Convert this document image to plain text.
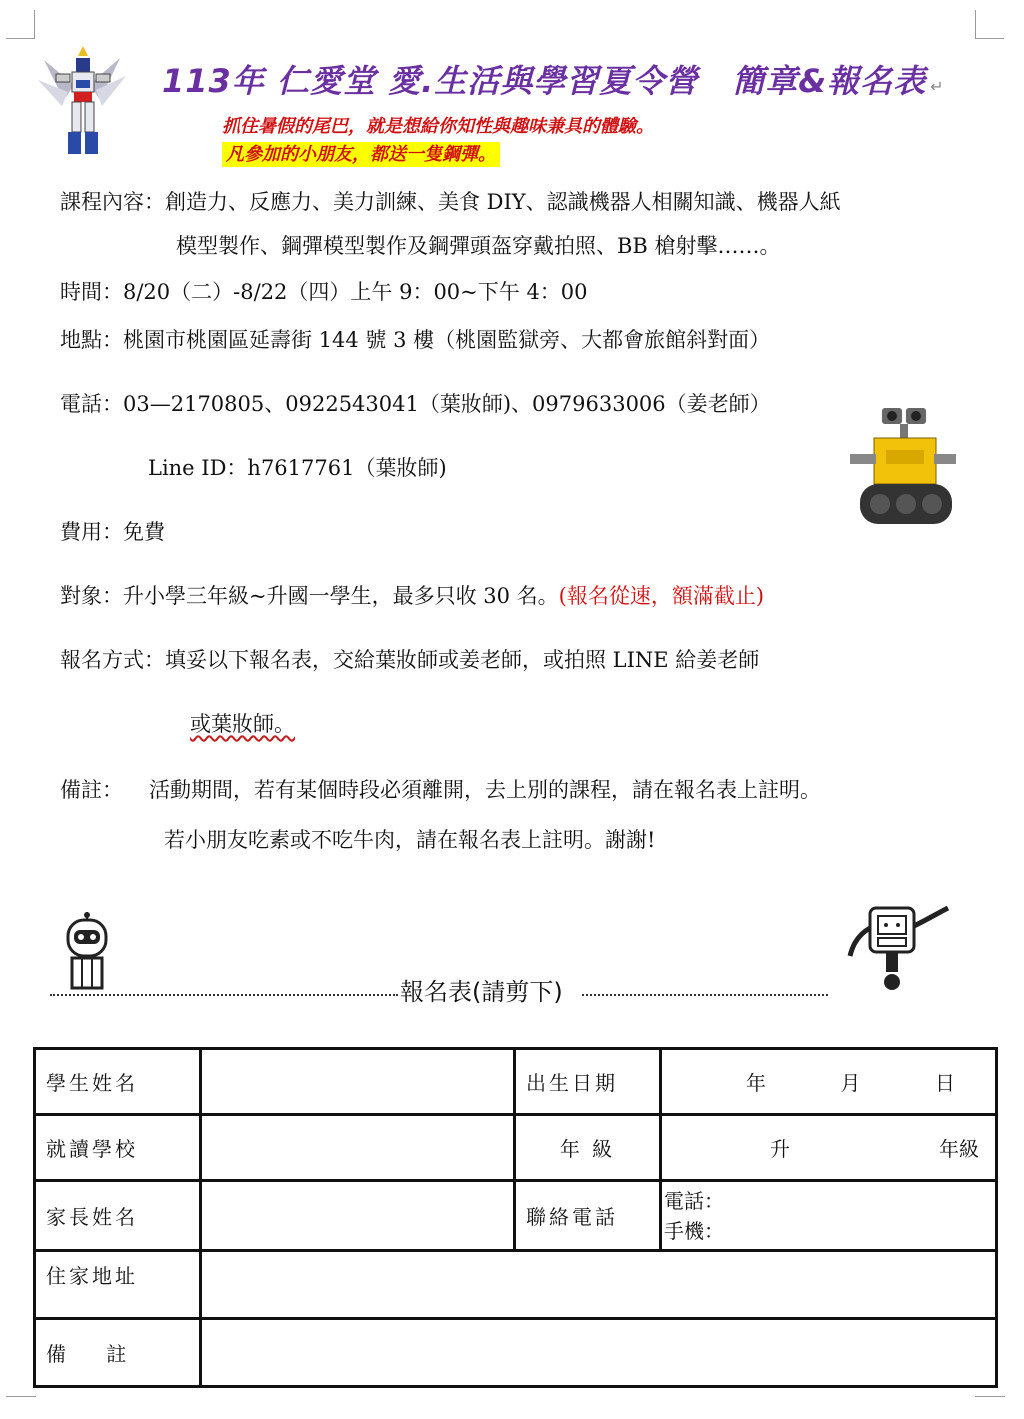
113年 仁愛堂 愛.生活與學習夏令營 簡章&報名表 ↵
抓住暑假的尾巴，就是想給你知性與趣味兼具的體驗。
凡參加的小朋友，都送一隻鋼彈。
課程內容：創造力、反應力、美力訓練、美食 DIY、認識機器人相關知識、機器人紙
模型製作、鋼彈模型製作及鋼彈頭盔穿戴拍照、BB 槍射擊……。
時間：8/20（二）-8/22（四）上午 9：00~下午 4：00
地點：桃園市桃園區延壽街 144 號 3 樓（桃園監獄旁、大都會旅館斜對面）
電話：03—2170805、0922543041（葉妝師)、0979633006（姜老師）
Line ID：h7617761（葉妝師)
費用：免費
對象：升小學三年級~升國一學生，最多只收 30 名。(報名從速，額滿截止)
報名方式：填妥以下報名表，交給葉妝師或姜老師，或拍照 LINE 給姜老師
或葉妝師。
備註： 活動期間，若有某個時段必須離開，去上別的課程，請在報名表上註明。
若小朋友吃素或不吃牛肉，請在報名表上註明。謝謝!
報名表(請剪下)
學生姓名		出生日期	年 月 日

就讀學校		年 級	升 年級

家長姓名		聯絡電話	電話：
手機：

住家地址			
備    註			
